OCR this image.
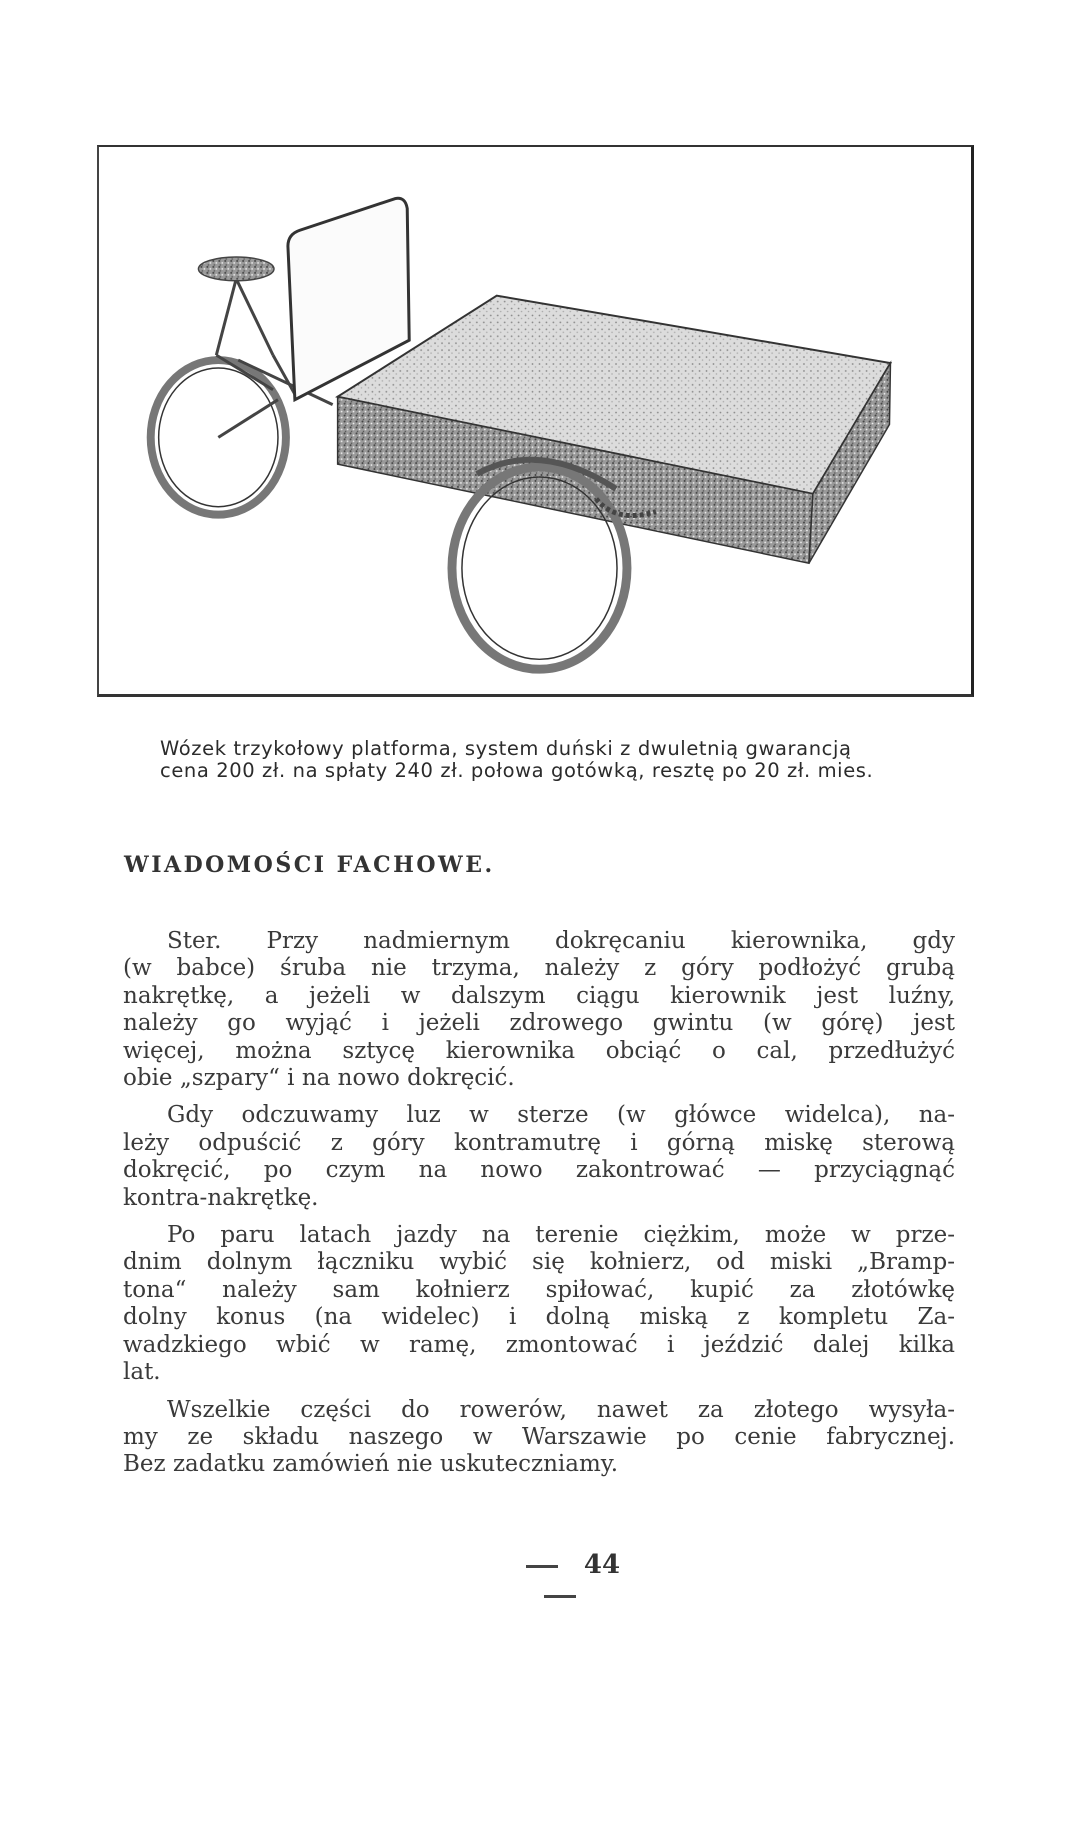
Wózek trzykołowy platforma, system duński z dwuletnią gwarancją
cena 200 zł. na spłaty 240 zł. połowa gotówką, resztę po 20 zł. mies.
WIADOMOŚCI FACHOWE.
Ster. Przy nadmiernym dokręcaniu kierownika, gdy
(w babce) śruba nie trzyma, należy z góry podłożyć grubą
nakrętkę, a jeżeli w dalszym ciągu kierownik jest luźny,
należy go wyjąć i jeżeli zdrowego gwintu (w górę) jest
więcej, można sztycę kierownika obciąć o cal, przedłużyć
obie „szpary“ i na nowo dokręcić.
Gdy odczuwamy luz w sterze (w główce widelca), na-
leży odpuścić z góry kontramutrę i górną miskę sterową
dokręcić, po czym na nowo zakontrować — przyciągnąć
kontra-nakrętkę.
Po paru latach jazdy na terenie ciężkim, może w prze-
dnim dolnym łączniku wybić się kołnierz, od miski „Bramp-
tona“ należy sam kołnierz spiłować, kupić za złotówkę
dolny konus (na widelec) i dolną miską z kompletu Za-
wadzkiego wbić w ramę, zmontować i jeździć dalej kilka
lat.
Wszelkie części do rowerów, nawet za złotego wysyła-
my ze składu naszego w Warszawie po cenie fabrycznej.
Bez zadatku zamówień nie uskuteczniamy.
44
